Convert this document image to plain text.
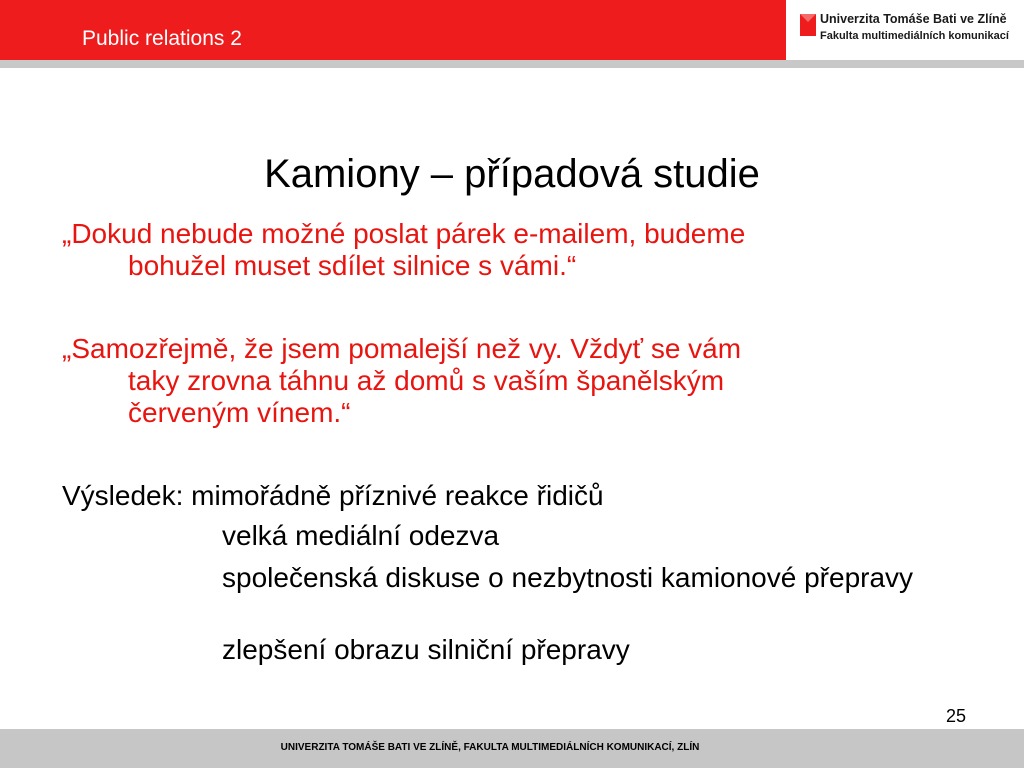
Public relations 2
Univerzita Tomáše Bati ve Zlíně
Fakulta multimediálních komunikací
Kamiony – případová studie
„Dokud nebude možné poslat párek e-mailem, budeme
bohužel muset sdílet silnice s vámi.“
„Samozřejmě, že jsem pomalejší než vy. Vždyť se vám
taky zrovna táhnu až domů s vaším španělským
červeným vínem.“
Výsledek: mimořádně příznivé reakce řidičů
velká mediální odezva
společenská diskuse o nezbytnosti kamionové přepravy
zlepšení obrazu silniční přepravy
25
UNIVERZITA TOMÁŠE BATI VE ZLÍNĚ, FAKULTA MULTIMEDIÁLNÍCH KOMUNIKACÍ, ZLÍN
